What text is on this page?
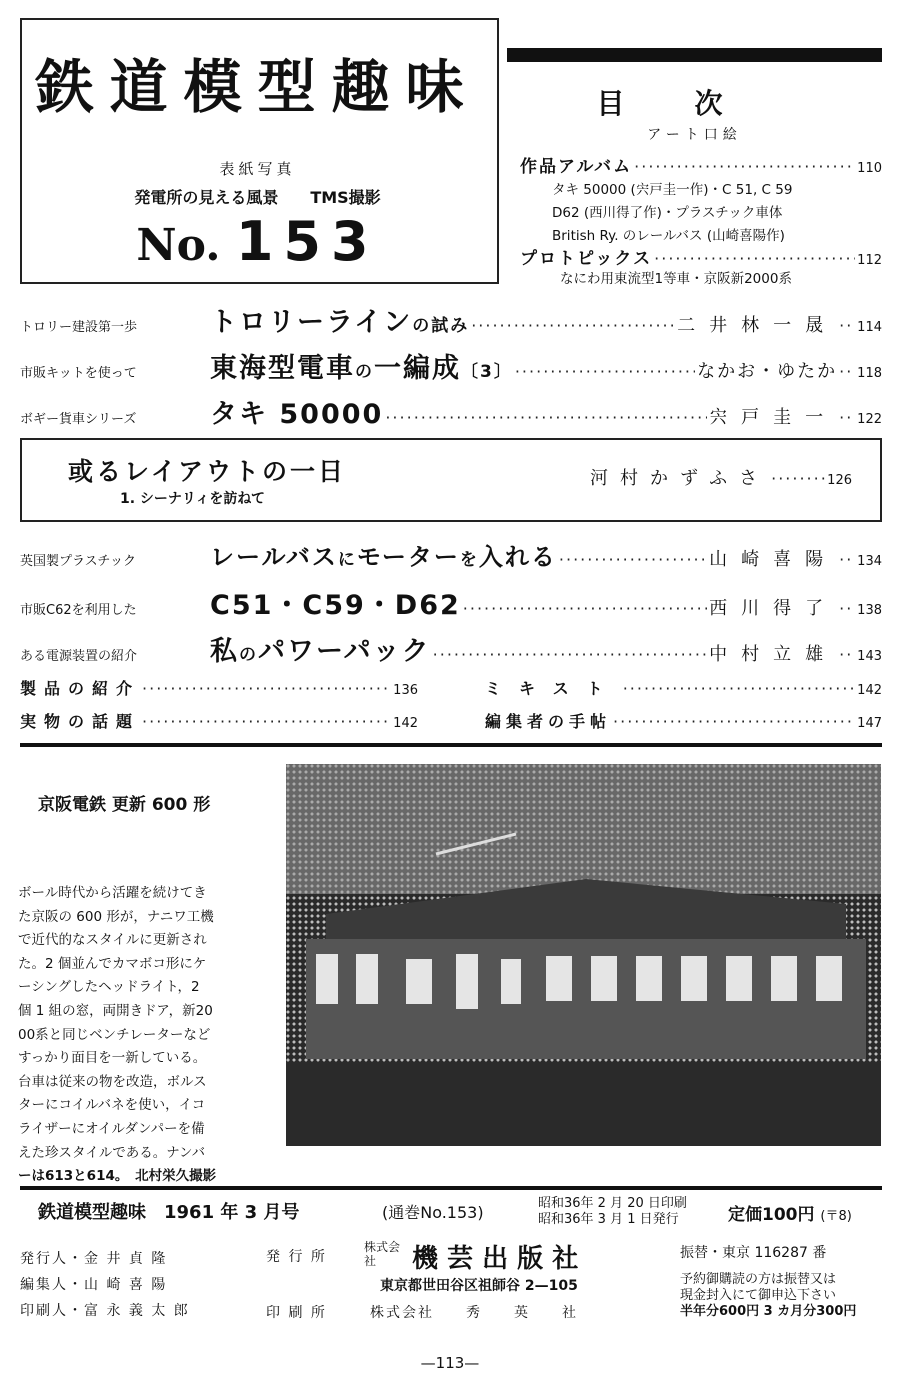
鉄道模型趣味
表紙写真
発電所の見える風景　　TMS撮影
No. 153
目次
アート口絵
作品アルバム ·····	110
タキ 50000 (宍戸圭一作)・C 51, C 59
D62 (西川得了作)・プラスチック車体
British Ry. のレールバス (山崎喜陽作)
プロトピックス ·····	112
なにわ用東流型1等車・京阪新2000系
トロリー建設第一歩	トロリーラインの試み ·····	二井林一晟 ····· 114
市販キットを使って	東海型電車の一編成〔3〕 ·····	なかお・ゆたか ····· 118
ボギー貨車シリーズ	タキ 50000 ·····	宍戸圭一 ····· 122
或るレイアウトの一日
1. シーナリィを訪ねて
河村かずふさ ·····	126
英国製プラスチック	レールバスにモーターを入れる ·····	山崎喜陽 ····· 134
市販C62を利用した	C51・C59・D62 ·····	西川得了 ····· 138
ある電源装置の紹介	私のパワーパック ·····	中村立雄 ····· 143
製品の紹介 ·····	136	ミキスト ·····	142
実物の話題 ·····	142	編集者の手帖 ·····	147
京阪電鉄 更新 600 形
ボール時代から活躍を続けてき
た京阪の 600 形が，ナニワ工機
で近代的なスタイルに更新され
た。2 個並んでカマボコ形にケ
ーシングしたヘッドライト，2
個 1 組の窓，両開きドア，新20
00系と同じベンチレーターなど
すっかり面目を一新している。
台車は従来の物を改造，ボルス
ターにコイルバネを使い，イコ
ライザーにオイルダンパーを備
えた珍スタイルである。ナンバ
ーは613と614。　北村栄久撮影
鉄道模型趣味　1961 年 3 月号	(通巻No.153)	昭和36年 2 月 20 日印刷
昭和36年 3 月 1 日発行	定価100円 (〒8)
発行人・金 井 貞 隆
編集人・山 崎 喜 陽
印刷人・富 永 義 太 郎
発 行 所
印 刷 所
株式会社	機 芸 出 版 社
東京都世田谷区祖師谷 2—105
株式会社　　秀　　英　　社
振替・東京 116287 番
予約御購読の方は振替又は
現金封入にて御申込下さい
半年分600円 3 カ月分300円
—113—
